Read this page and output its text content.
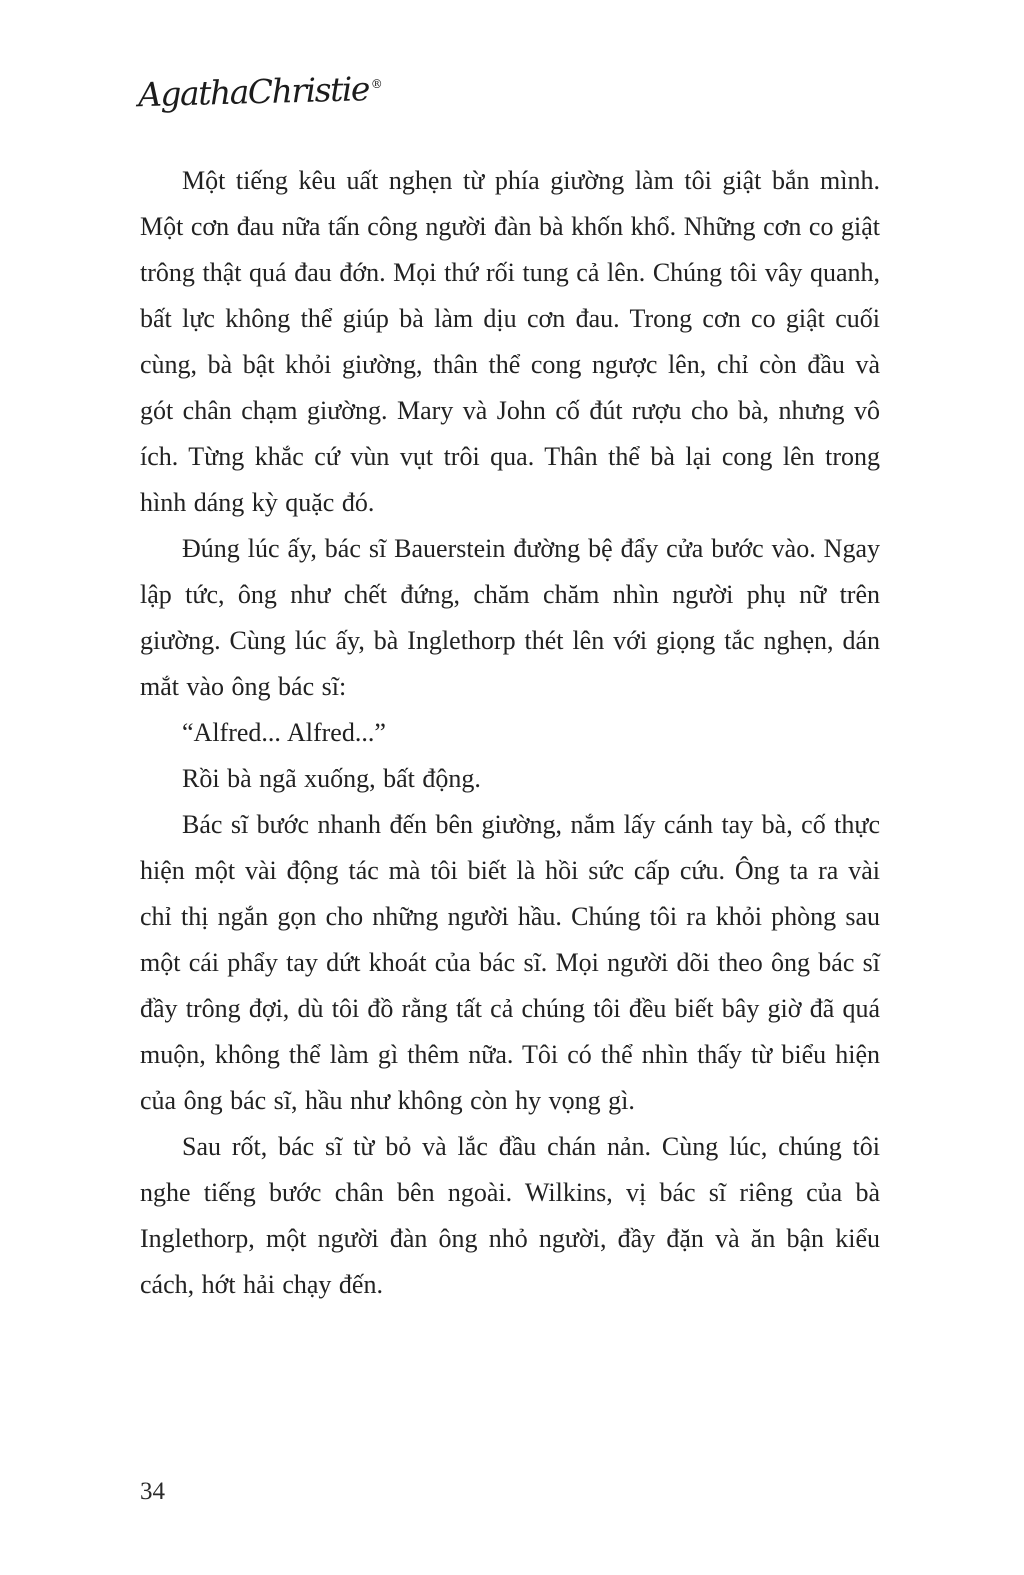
AgathaChristie®

Một tiếng kêu uất nghẹn từ phía giường làm tôi giật bắn mình. Một cơn đau nữa tấn công người đàn bà khốn khổ. Những cơn co giật trông thật quá đau đớn. Mọi thứ rối tung cả lên. Chúng tôi vây quanh, bất lực không thể giúp bà làm dịu cơn đau. Trong cơn co giật cuối cùng, bà bật khỏi giường, thân thể cong ngược lên, chỉ còn đầu và gót chân chạm giường. Mary và John cố đút rượu cho bà, nhưng vô ích. Từng khắc cứ vùn vụt trôi qua. Thân thể bà lại cong lên trong hình dáng kỳ quặc đó.

Đúng lúc ấy, bác sĩ Bauerstein đường bệ đẩy cửa bước vào. Ngay lập tức, ông như chết đứng, chăm chăm nhìn người phụ nữ trên giường. Cùng lúc ấy, bà Inglethorp thét lên với giọng tắc nghẹn, dán mắt vào ông bác sĩ:

“Alfred... Alfred...”

Rồi bà ngã xuống, bất động.

Bác sĩ bước nhanh đến bên giường, nắm lấy cánh tay bà, cố thực hiện một vài động tác mà tôi biết là hồi sức cấp cứu. Ông ta ra vài chỉ thị ngắn gọn cho những người hầu. Chúng tôi ra khỏi phòng sau một cái phẩy tay dứt khoát của bác sĩ. Mọi người dõi theo ông bác sĩ đầy trông đợi, dù tôi đồ rằng tất cả chúng tôi đều biết bây giờ đã quá muộn, không thể làm gì thêm nữa. Tôi có thể nhìn thấy từ biểu hiện của ông bác sĩ, hầu như không còn hy vọng gì.

Sau rốt, bác sĩ từ bỏ và lắc đầu chán nản. Cùng lúc, chúng tôi nghe tiếng bước chân bên ngoài. Wilkins, vị bác sĩ riêng của bà Inglethorp, một người đàn ông nhỏ người, đầy đặn và ăn bận kiểu cách, hớt hải chạy đến.

34
